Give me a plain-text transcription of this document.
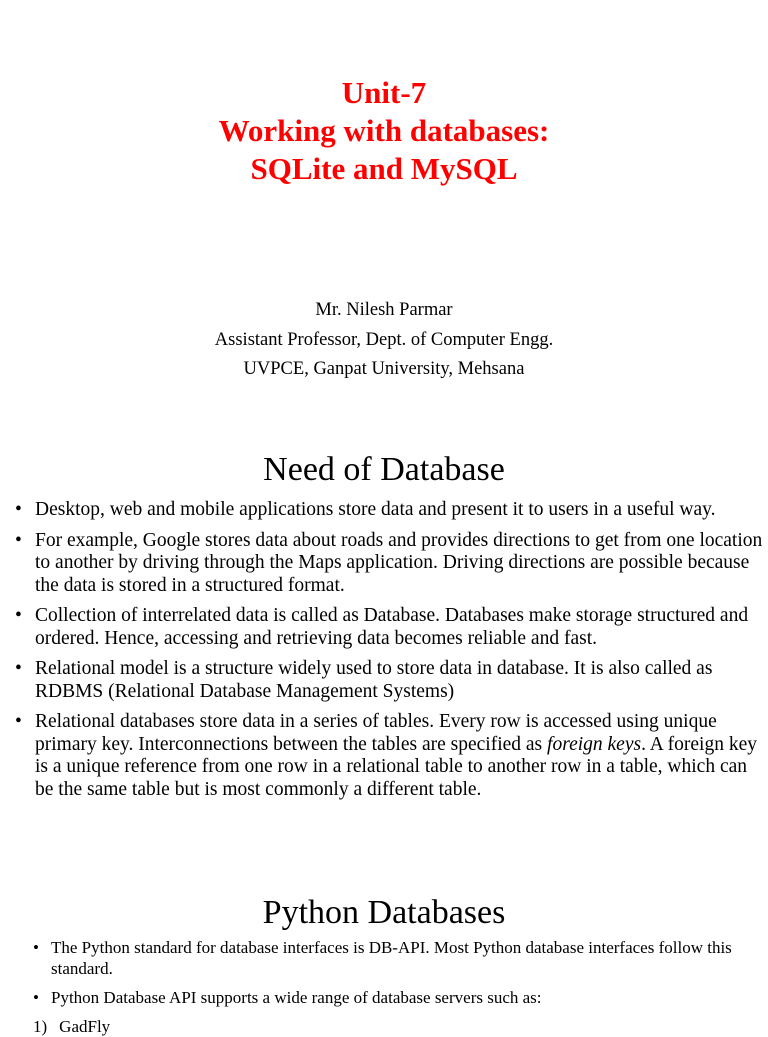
Unit-7
Working with databases:
SQLite and MySQL
Mr. Nilesh Parmar
Assistant Professor, Dept. of Computer Engg.
UVPCE, Ganpat University, Mehsana
Need of Database
• Desktop, web and mobile applications store data and present it to users in a useful way.
• For example, Google stores data about roads and provides directions to get from one location to another by driving through the Maps application. Driving directions are possible because the data is stored in a structured format.
• Collection of interrelated data is called as Database. Databases make storage structured and ordered. Hence, accessing and retrieving data becomes reliable and fast.
• Relational model is a structure widely used to store data in database. It is also called as RDBMS (Relational Database Management Systems)
• Relational databases store data in a series of tables. Every row is accessed using unique primary key. Interconnections between the tables are specified as foreign keys. A foreign key is a unique reference from one row in a relational table to another row in a table, which can be the same table but is most commonly a different table.
Python Databases
• The Python standard for database interfaces is DB-API. Most Python database interfaces follow this standard.
• Python Database API supports a wide range of database servers such as:
1) GadFly
